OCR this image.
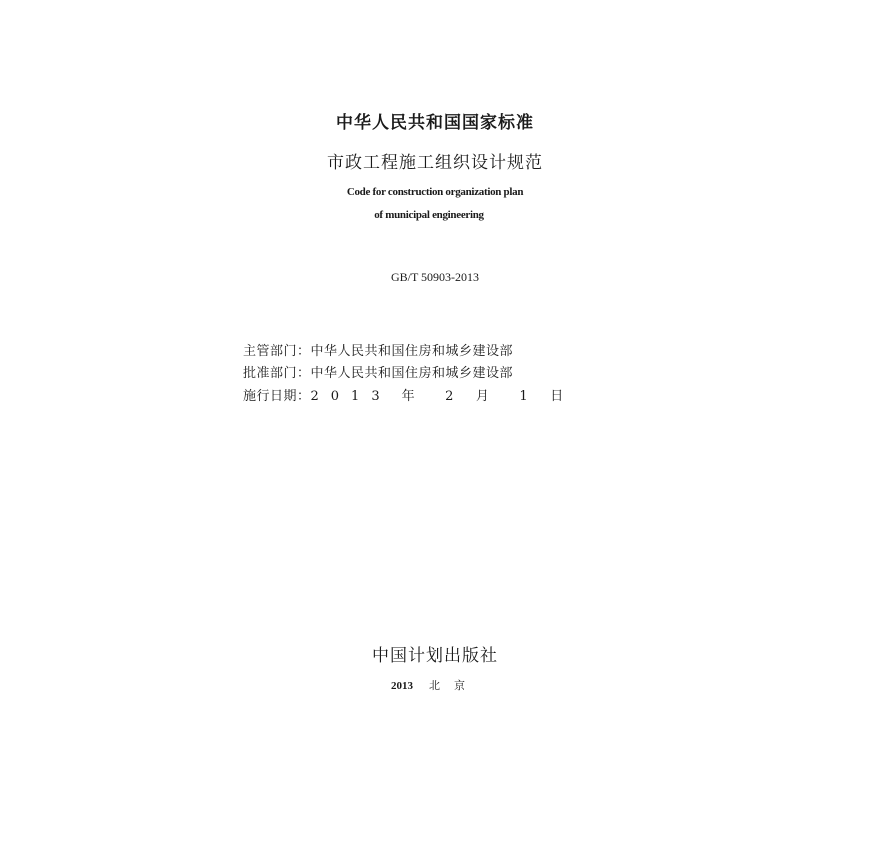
中华人民共和国国家标准
市政工程施工组织设计规范
Code for construction organization plan
of municipal engineering
GB/T 50903-2013
主管部门：中华人民共和国住房和城乡建设部
批准部门：中华人民共和国住房和城乡建设部
施行日期：2013 年 2 月 1 日
中国计划出版社
2013 北京
